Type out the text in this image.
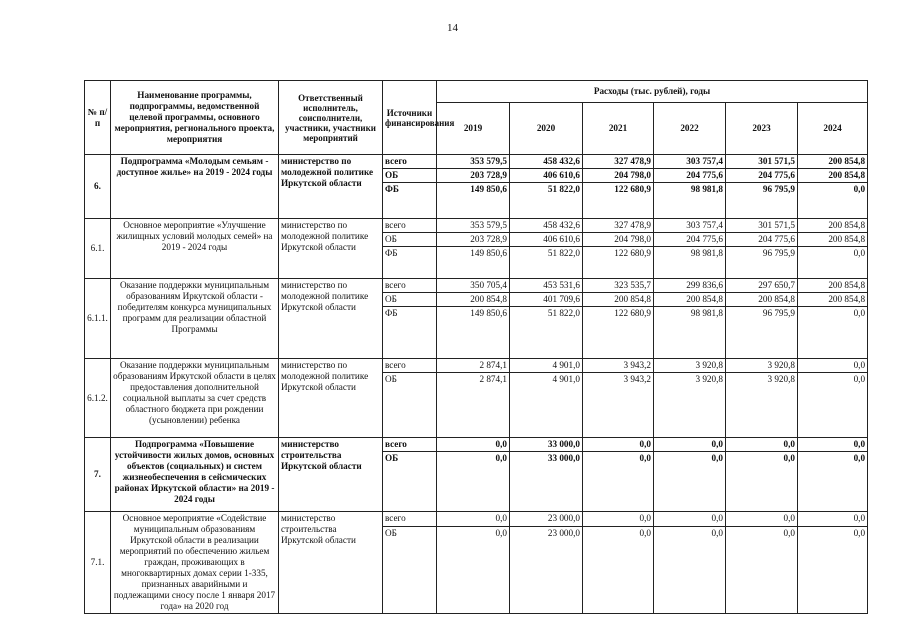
14
№ п/п	Наименование программы, подпрограммы, ведомственной целевой программы, основного мероприятия, регионального проекта, мероприятия	Ответственный исполнитель, соисполнители, участники, участники мероприятий	Источники финансирования	Расходы (тыс. рублей), годы					
				2019	2020	2021	2022	2023	2024
6.	Подпрограмма «Молодым семьям - доступное жилье» на 2019 - 2024 годы	министерство по молодежной политике Иркутской области	всего	353 579,5	458 432,6	327 478,9	303 757,4	301 571,5	200 854,8
			ОБ	203 728,9	406 610,6	204 798,0	204 775,6	204 775,6	200 854,8
			ФБ	149 850,6	51 822,0	122 680,9	98 981,8	96 795,9	0,0
6.1.	Основное мероприятие «Улучшение жилищных условий молодых семей» на 2019 - 2024 годы	министерство по молодежной политике Иркутской области	всего	353 579,5	458 432,6	327 478,9	303 757,4	301 571,5	200 854,8
			ОБ	203 728,9	406 610,6	204 798,0	204 775,6	204 775,6	200 854,8
			ФБ	149 850,6	51 822,0	122 680,9	98 981,8	96 795,9	0,0
6.1.1.	Оказание поддержки муниципальным образованиям Иркутской области - победителям конкурса муниципальных программ для реализации областной Программы	министерство по молодежной политике Иркутской области	всего	350 705,4	453 531,6	323 535,7	299 836,6	297 650,7	200 854,8
			ОБ	200 854,8	401 709,6	200 854,8	200 854,8	200 854,8	200 854,8
			ФБ	149 850,6	51 822,0	122 680,9	98 981,8	96 795,9	0,0
6.1.2.	Оказание поддержки муниципальным образованиям Иркутской области в целях предоставления дополнительной социальной выплаты за счет средств областного бюджета при рождении (усыновлении) ребенка	министерство по молодежной политике Иркутской области	всего	2 874,1	4 901,0	3 943,2	3 920,8	3 920,8	0,0
			ОБ	2 874,1	4 901,0	3 943,2	3 920,8	3 920,8	0,0
7.	Подпрограмма «Повышение устойчивости жилых домов, основных объектов (социальных) и систем жизнеобеспечения в сейсмических районах Иркутской области» на 2019 - 2024 годы	министерство строительства Иркутской области	всего	0,0	33 000,0	0,0	0,0	0,0	0,0
			ОБ	0,0	33 000,0	0,0	0,0	0,0	0,0
7.1.	Основное мероприятие «Содействие муниципальным образованиям Иркутской области в реализации мероприятий по обеспечению жильем граждан, проживающих в многоквартирных домах серии 1-335, признанных аварийными и подлежащими сносу после 1 января 2017 года» на 2020 год	министерство строительства Иркутской области	всего	0,0	23 000,0	0,0	0,0	0,0	0,0
			ОБ	0,0	23 000,0	0,0	0,0	0,0	0,0
